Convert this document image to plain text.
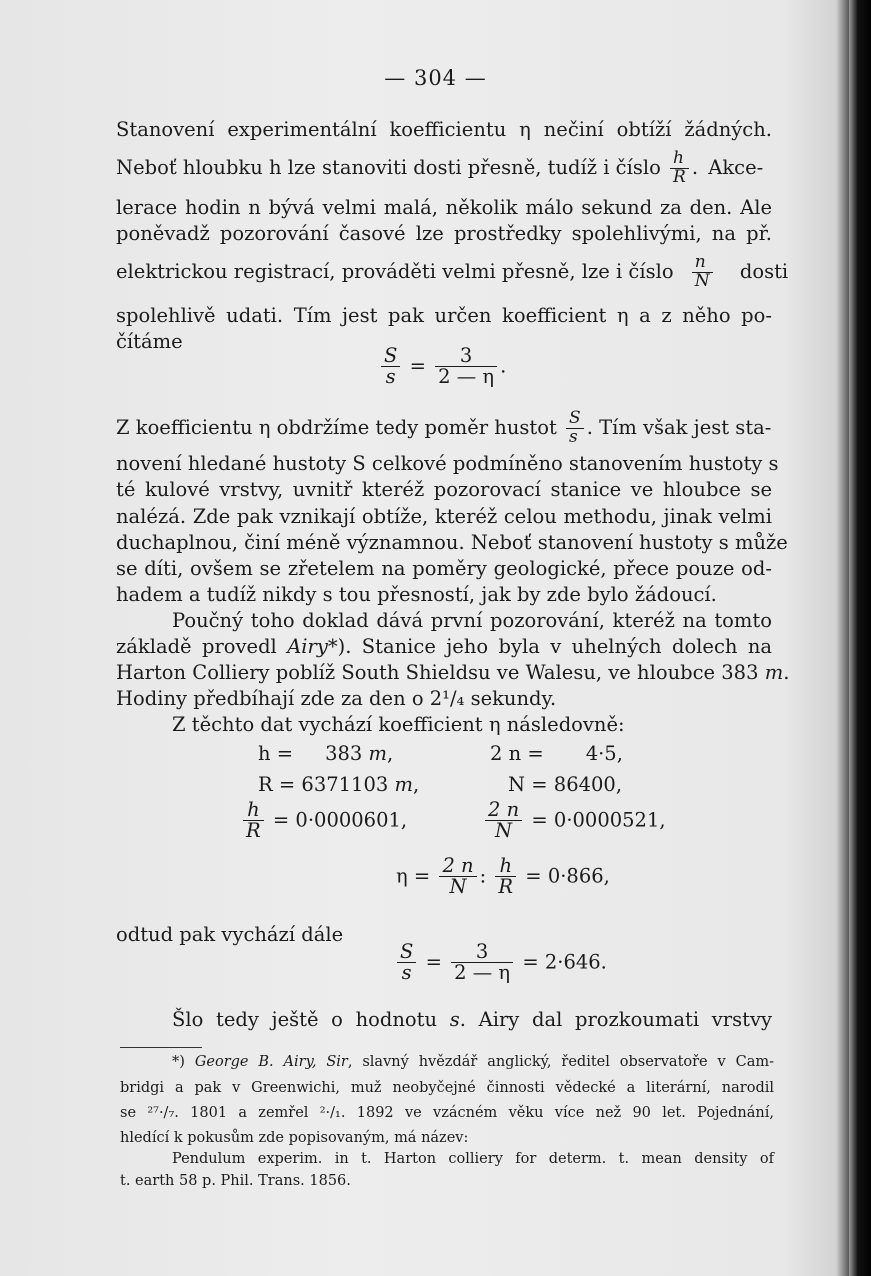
— 304 —
Stanovení experimentální koefficientu η nečiní obtíží žádných.
Neboť hloubku h lze stanoviti dosti přesně, tudíž i číslo $\frac{h}{R}$ . Akce-
lerace hodin n bývá velmi malá, několik málo sekund za den. Ale
poněvadž pozorování časové lze prostředky spolehlivými, na př.
elektrickou registrací, prováděti velmi přesně, lze i číslo $\frac{n}{N}$ dosti
spolehlivě udati. Tím jest pak určen koefficient η a z něho po-
čítáme
$\frac{S}{s} = \frac{3}{2 — \eta}$ .
Z koefficientu η obdržíme tedy poměr hustot $\frac{S}{s}$ . Tím však jest sta-
novení hledané hustoty S celkové podmíněno stanovením hustoty s
té kulové vrstvy, uvnitř kteréž pozorovací stanice ve hloubce se
nalézá. Zde pak vznikají obtíže, kteréž celou methodu, jinak velmi
duchaplnou, činí méně významnou. Neboť stanovení hustoty s může
se díti, ovšem se zřetelem na poměry geologické, přece pouze od-
hadem a tudíž nikdy s tou přesností, jak by zde bylo žádoucí.
Poučný toho doklad dává první pozorování, kteréž na tomto
základě provedl Airy*). Stanice jeho byla v uhelných dolech na
Harton Colliery poblíž South Shieldsu ve Walesu, ve hloubce 383 m.
Hodiny předbíhají zde za den o 2¹/₄ sekundy.
Z těchto dat vychází koefficient η následovně:
h = 383 m,	2 n = 4·5,
R = 6371103 m,	N = 86400,
$\frac{h}{R} = 0\cdot 0000601$,	$\frac{2 n}{N} = 0\cdot 0000521$,
$\eta = \frac{2 n}{N}$ : $\frac{h}{R} = 0\cdot 866$,
odtud pak vychází dále
$\frac{S}{s} = \frac{3}{2 — \eta} = 2\cdot 646$.
Šlo tedy ještě o hodnotu s. Airy dal prozkoumati vrstvy
*) George B. Airy, Sir, slavný hvězdář anglický, ředitel observatoře v Cam-
bridgi a pak v Greenwichi, muž neobyčejné činnosti vědecké a literární, narodil
se ²⁷·/₇. 1801 a zemřel ²·/₁. 1892 ve vzácném věku více než 90 let. Pojednání,
hledící k pokusům zde popisovaným, má název:
Pendulum experim. in t. Harton colliery for determ. t. mean density of
t. earth 58 p. Phil. Trans. 1856.
